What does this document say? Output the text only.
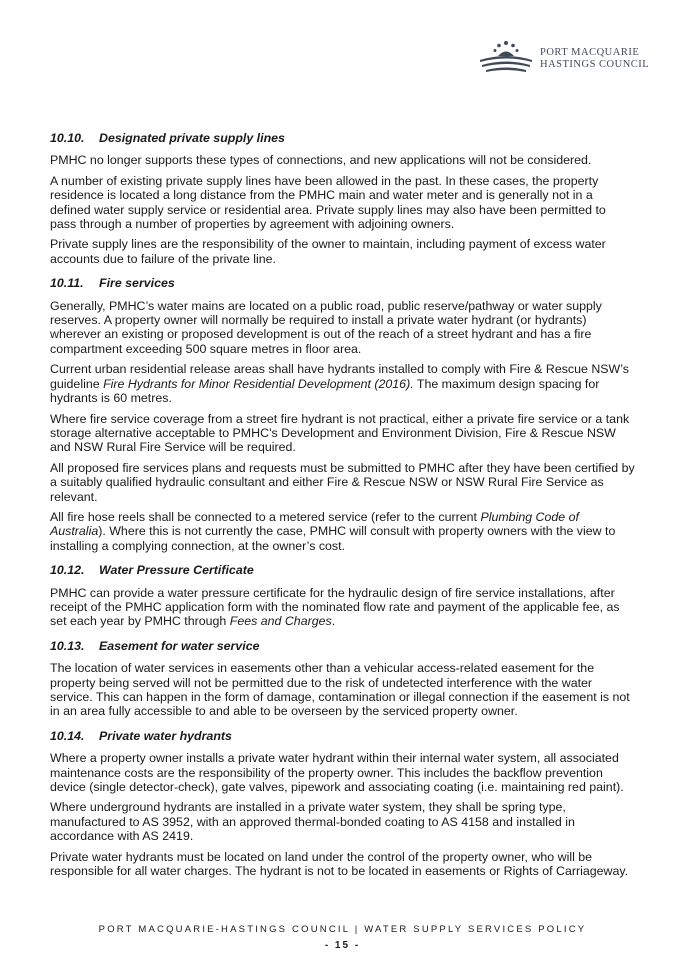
PORT MACQUARIE
HASTINGS COUNCIL
10.10. Designated private supply lines

PMHC no longer supports these types of connections, and new applications will not be considered.

A number of existing private supply lines have been allowed in the past. In these cases, the property residence is located a long distance from the PMHC main and water meter and is generally not in a defined water supply service or residential area. Private supply lines may also have been permitted to pass through a number of properties by agreement with adjoining owners.

Private supply lines are the responsibility of the owner to maintain, including payment of excess water accounts due to failure of the private line.

10.11. Fire services

Generally, PMHC’s water mains are located on a public road, public reserve/pathway or water supply reserves. A property owner will normally be required to install a private water hydrant (or hydrants) wherever an existing or proposed development is out of the reach of a street hydrant and has a fire compartment exceeding 500 square metres in floor area.

Current urban residential release areas shall have hydrants installed to comply with Fire & Rescue NSW’s guideline Fire Hydrants for Minor Residential Development (2016). The maximum design spacing for hydrants is 60 metres.

Where fire service coverage from a street fire hydrant is not practical, either a private fire service or a tank storage alternative acceptable to PMHC’s Development and Environment Division, Fire & Rescue NSW and NSW Rural Fire Service will be required.

All proposed fire services plans and requests must be submitted to PMHC after they have been certified by a suitably qualified hydraulic consultant and either Fire & Rescue NSW or NSW Rural Fire Service as relevant.

All fire hose reels shall be connected to a metered service (refer to the current Plumbing Code of Australia). Where this is not currently the case, PMHC will consult with property owners with the view to installing a complying connection, at the owner’s cost.

10.12. Water Pressure Certificate

PMHC can provide a water pressure certificate for the hydraulic design of fire service installations, after receipt of the PMHC application form with the nominated flow rate and payment of the applicable fee, as set each year by PMHC through Fees and Charges.

10.13. Easement for water service

The location of water services in easements other than a vehicular access-related easement for the property being served will not be permitted due to the risk of undetected interference with the water service. This can happen in the form of damage, contamination or illegal connection if the easement is not in an area fully accessible to and able to be overseen by the serviced property owner.

10.14. Private water hydrants

Where a property owner installs a private water hydrant within their internal water system, all associated maintenance costs are the responsibility of the property owner. This includes the backflow prevention device (single detector-check), gate valves, pipework and associating coating (i.e. maintaining red paint).

Where underground hydrants are installed in a private water system, they shall be spring type, manufactured to AS 3952, with an approved thermal-bonded coating to AS 4158 and installed in accordance with AS 2419.

Private water hydrants must be located on land under the control of the property owner, who will be responsible for all water charges. The hydrant is not to be located in easements or Rights of Carriageway.

PORT MACQUARIE-HASTINGS COUNCIL | WATER SUPPLY SERVICES POLICY
- 15 -
